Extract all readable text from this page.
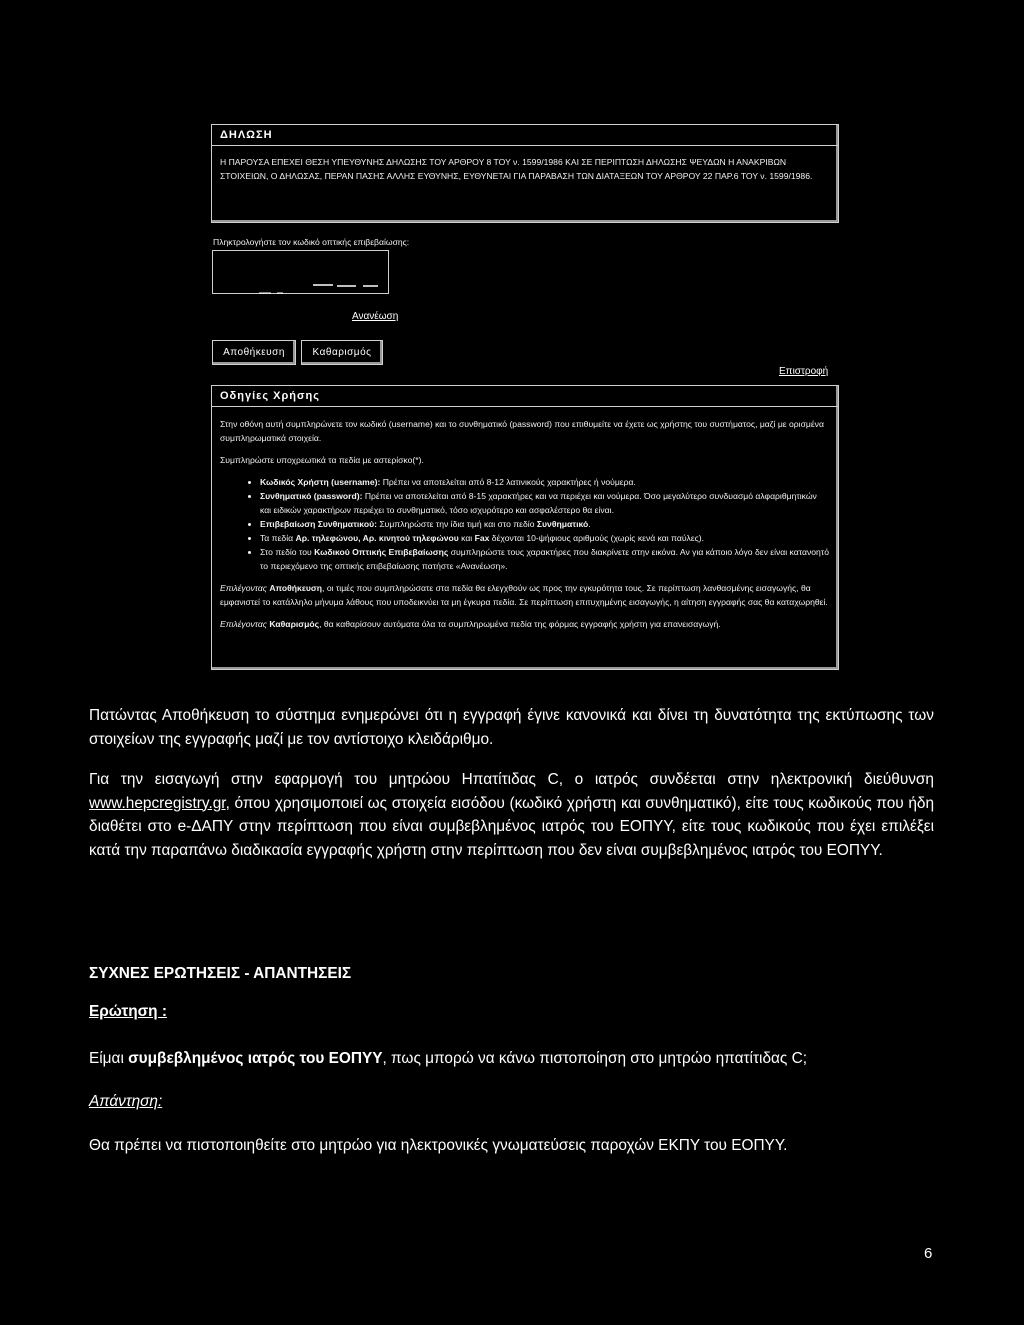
ΔΗΛΩΣΗ
Η ΠΑΡΟΥΣΑ ΕΠΕΧΕΙ ΘΕΣΗ ΥΠΕΥΘΥΝΗΣ ΔΗΛΩΣΗΣ ΤΟΥ ΑΡΘΡΟΥ 8 ΤΟΥ ν. 1599/1986 ΚΑΙ ΣΕ ΠΕΡΙΠΤΩΣΗ ΔΗΛΩΣΗΣ ΨΕΥΔΩΝ Η ΑΝΑΚΡΙΒΩΝ ΣΤΟΙΧΕΙΩΝ, Ο ΔΗΛΩΣΑΣ, ΠΕΡΑΝ ΠΑΣΗΣ ΑΛΛΗΣ ΕΥΘΥΝΗΣ, ΕΥΘΥΝΕΤΑΙ ΓΙΑ ΠΑΡΑΒΑΣΗ ΤΩΝ ΔΙΑΤΑΞΕΩΝ ΤΟΥ ΑΡΘΡΟΥ 22 ΠΑΡ.6 ΤΟΥ ν. 1599/1986.
Πληκτρολογήστε τον κωδικό οπτικής επιβεβαίωσης:
Ανανέωση
Αποθήκευση	Καθαρισμός
Επιστροφή
Οδηγίες Χρήσης

Στην οθόνη αυτή συμπληρώνετε τον κωδικό (username) και το συνθηματικό (password) που επιθυμείτε να έχετε ως χρήστης του συστήματος, μαζί με ορισμένα συμπληρωματικά στοιχεία.

Συμπληρώστε υποχρεωτικά τα πεδία με αστερίσκο(*).

• Κωδικός Χρήστη (username): Πρέπει να αποτελείται από 8-12 λατινικούς χαρακτήρες ή νούμερα.
• Συνθηματικό (password): Πρέπει να αποτελείται από 8-15 χαρακτήρες και να περιέχει και νούμερα. Όσο μεγαλύτερο συνδυασμό αλφαριθμητικών και ειδικών χαρακτήρων περιέχει το συνθηματικό, τόσο ισχυρότερο και ασφαλέστερο θα είναι.
• Επιβεβαίωση Συνθηματικού: Συμπληρώστε την ίδια τιμή και στο πεδίο Συνθηματικό.
• Τα πεδία Αρ. τηλεφώνου, Αρ. κινητού τηλεφώνου και Fax δέχονται 10-ψήφιους αριθμούς (χωρίς κενά και παύλες).
• Στο πεδίο του Κωδικού Οπτικής Επιβεβαίωσης συμπληρώστε τους χαρακτήρες που διακρίνετε στην εικόνα. Αν για κάποιο λόγο δεν είναι κατανοητό το περιεχόμενο της οπτικής επιβεβαίωσης πατήστε «Ανανέωση».

Επιλέγοντας Αποθήκευση, οι τιμές που συμπληρώσατε στα πεδία θα ελεγχθούν ως προς την εγκυρότητα τους. Σε περίπτωση λανθασμένης εισαγωγής, θα εμφανιστεί το κατάλληλο μήνυμα λάθους που υποδεικνύει τα μη έγκυρα πεδία. Σε περίπτωση επιτυχημένης εισαγωγής, η αίτηση εγγραφής σας θα καταχωρηθεί.

Επιλέγοντας Καθαρισμός, θα καθαρίσουν αυτόματα όλα τα συμπληρωμένα πεδία της φόρμας εγγραφής χρήστη για επανεισαγωγή.

Πατώντας Αποθήκευση το σύστημα ενημερώνει ότι η εγγραφή έγινε κανονικά και δίνει τη δυνατότητα της εκτύπωσης των στοιχείων της εγγραφής μαζί με τον αντίστοιχο κλειδάριθμο.

Για την εισαγωγή στην εφαρμογή του μητρώου Ηπατίτιδας C, ο ιατρός συνδέεται στην ηλεκτρονική διεύθυνση www.hepcregistry.gr, όπου χρησιμοποιεί ως στοιχεία εισόδου (κωδικό χρήστη και συνθηματικό), είτε τους κωδικούς που ήδη διαθέτει στο e-ΔΑΠΥ στην περίπτωση που είναι συμβεβλημένος ιατρός του ΕΟΠΥΥ, είτε τους κωδικούς που έχει επιλέξει κατά την παραπάνω διαδικασία εγγραφής χρήστη στην περίπτωση που δεν είναι συμβεβλημένος ιατρός του ΕΟΠΥΥ.

ΣΥΧΝΕΣ ΕΡΩΤΗΣΕΙΣ - ΑΠΑΝΤΗΣΕΙΣ
Ερώτηση :
Είμαι συμβεβλημένος ιατρός του ΕΟΠΥΥ, πως μπορώ να κάνω πιστοποίηση στο μητρώο ηπατίτιδας C;
Απάντηση:
Θα πρέπει να πιστοποιηθείτε στο μητρώο για ηλεκτρονικές γνωματεύσεις παροχών ΕΚΠΥ του ΕΟΠΥΥ.
6
